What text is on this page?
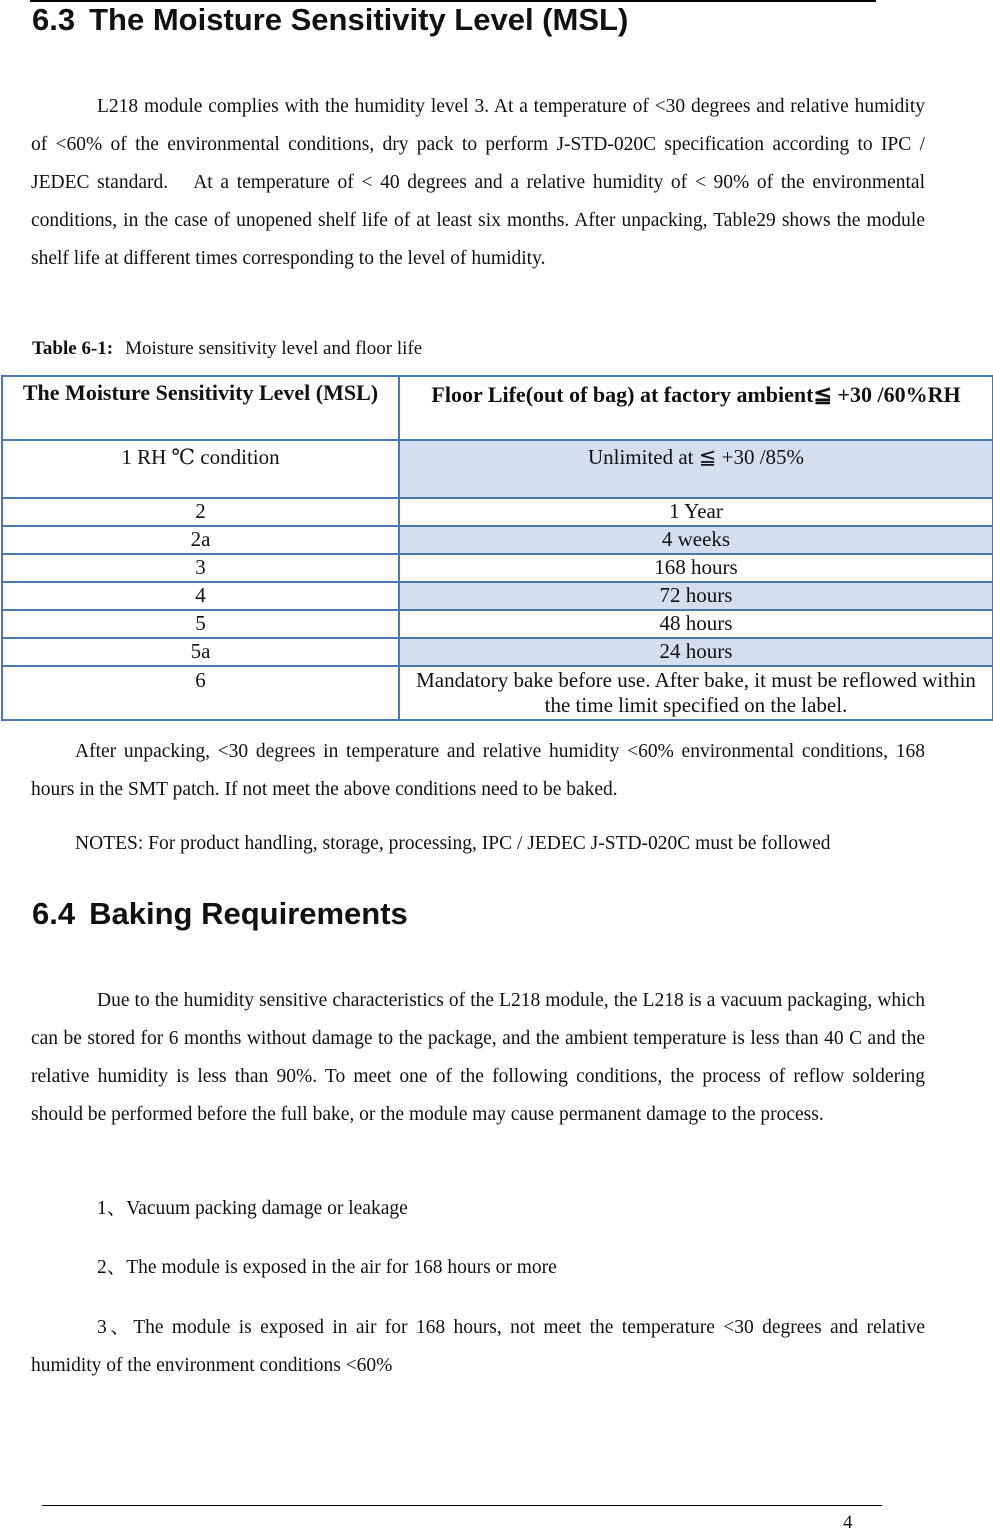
6.3 The Moisture Sensitivity Level (MSL)
L218 module complies with the humidity level 3. At a temperature of <30 degrees and relative humidity of <60% of the environmental conditions, dry pack to perform J-STD-020C specification according to IPC / JEDEC standard.　At a temperature of < 40 degrees and a relative humidity of < 90% of the environmental conditions, in the case of unopened shelf life of at least six months. After unpacking, Table29 shows the module shelf life at different times corresponding to the level of humidity.
Table 6-1: Moisture sensitivity level and floor life
The Moisture Sensitivity Level (MSL)	Floor Life(out of bag) at factory ambient≦ +30 /60%RH
1 RH ℃ condition	Unlimited at ≦ +30 /85%
2	1 Year
2a	4 weeks
3	168 hours
4	72 hours
5	48 hours
5a	24 hours
6	Mandatory bake before use. After bake, it must be reflowed within the time limit specified on the label.
After unpacking, <30 degrees in temperature and relative humidity <60% environmental conditions, 168 hours in the SMT patch. If not meet the above conditions need to be baked.
NOTES: For product handling, storage, processing, IPC / JEDEC J-STD-020C must be followed
6.4 Baking Requirements
Due to the humidity sensitive characteristics of the L218 module, the L218 is a vacuum packaging, which can be stored for 6 months without damage to the package, and the ambient temperature is less than 40 C and the relative humidity is less than 90%. To meet one of the following conditions, the process of reflow soldering should be performed before the full bake, or the module may cause permanent damage to the process.
1、Vacuum packing damage or leakage
2、The module is exposed in the air for 168 hours or more
3、The module is exposed in air for 168 hours, not meet the temperature <30 degrees and relative humidity of the environment conditions <60%
4
